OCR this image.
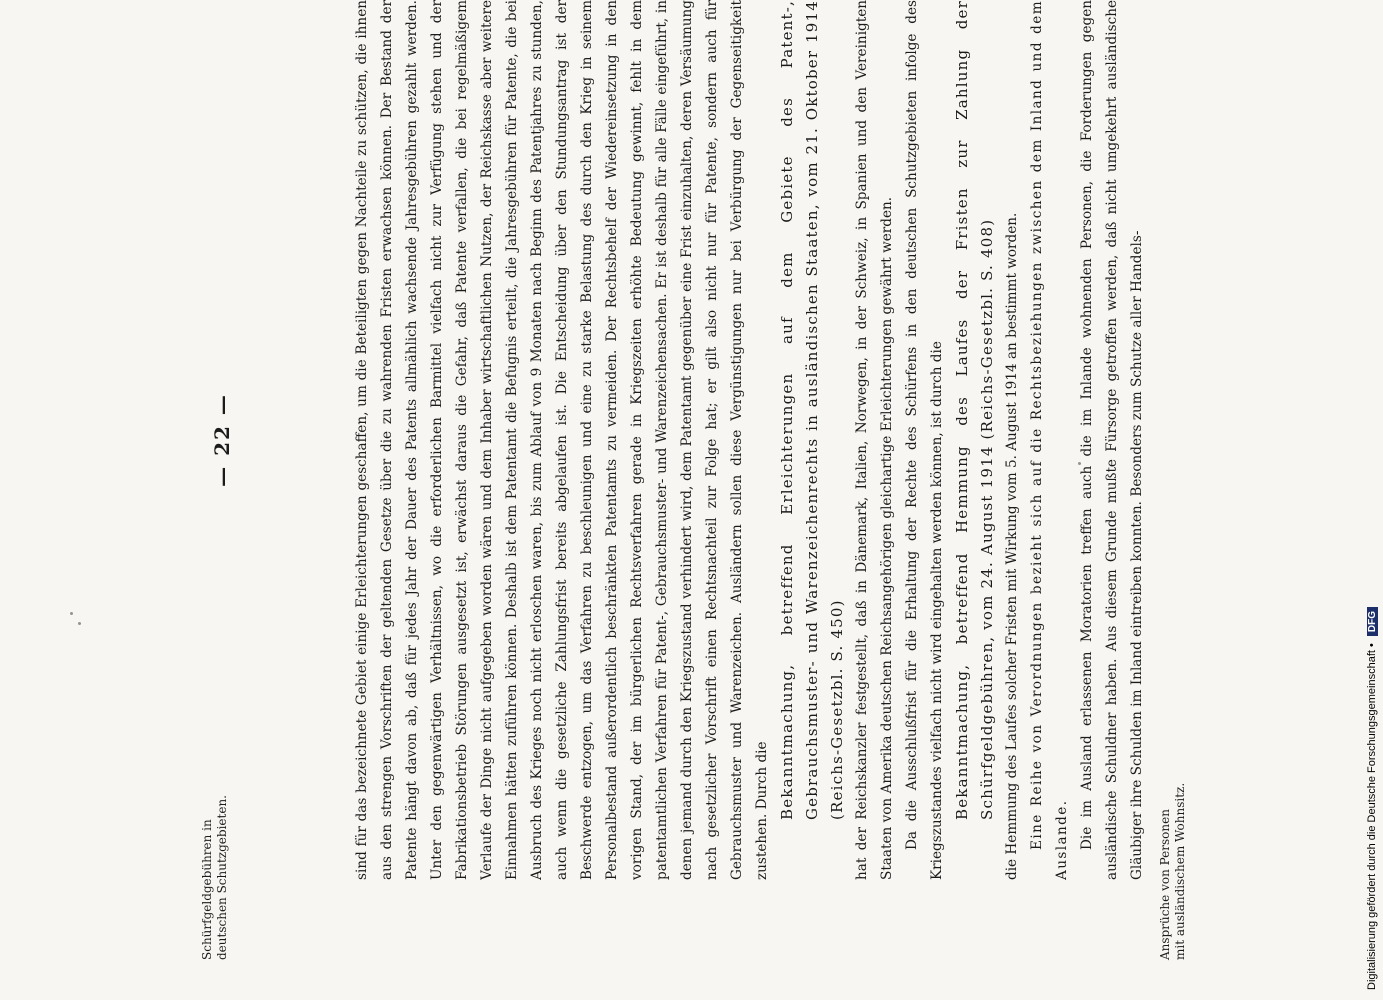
— 22 —	sind für das bezeichnete Gebiet einige Erleichterungen geschaffen, um die Beteiligten gegen Nachteile zu schützen, die ihnen aus den strengen Vorschriften der geltenden Gesetze über die zu wahrenden Fristen erwachsen können. Der Bestand der Patente hängt davon ab, daß für jedes Jahr der Dauer des Patents allmählich wachsende Jahresgebühren gezahlt werden. Unter den gegenwärtigen Verhältnissen, wo die erforderlichen Barmittel vielfach nicht zur Verfügung stehen und der Fabrikationsbetrieb Störungen ausgesetzt ist, erwächst daraus die Gefahr, daß Patente verfallen, die bei regelmäßigem Verlaufe der Dinge nicht aufgegeben worden wären und dem Inhaber wirtschaftlichen Nutzen, der Reichskasse aber weitere Einnahmen hätten zuführen können. Deshalb ist dem Patentamt die Befugnis erteilt, die Jahresgebühren für Patente, die bei Ausbruch des Krieges noch nicht erloschen waren, bis zum Ablauf von 9 Monaten nach Beginn des Patentjahres zu stunden, auch wenn die gesetzliche Zahlungsfrist bereits abgelaufen ist. Die Entscheidung über den Stundungsantrag ist der Beschwerde entzogen, um das Verfahren zu beschleunigen und eine zu starke Belastung des durch den Krieg in seinem Personalbestand außerordentlich beschränkten Patentamts zu vermeiden. Der Rechtsbehelf der Wiedereinsetzung in den vorigen Stand, der im bürgerlichen Rechtsverfahren gerade in Kriegszeiten erhöhte Bedeutung gewinnt, fehlt in dem patentamtlichen Verfahren für Patent-, Gebrauchsmuster- und Warenzeichensachen. Er ist deshalb für alle Fälle eingeführt, in denen jemand durch den Kriegszustand verhindert wird, dem Patentamt gegenüber eine Frist einzuhalten, deren Versäumung nach gesetzlicher Vorschrift einen Rechtsnachteil zur Folge hat; er gilt also nicht nur für Patente, sondern auch für Gebrauchsmuster und Warenzeichen. Ausländern sollen diese Vergünstigungen nur bei Verbürgung der Gegenseitigkeit zustehen. Durch die Bekanntmachung, betreffend Erleichterungen auf dem Gebiete des Patent-, Gebrauchsmuster- und Warenzeichenrechts in ausländischen Staaten, vom 21. Oktober 1914 (Reichs-Gesetzbl. S. 450) hat der Reichskanzler festgestellt, daß in Dänemark, Italien, Norwegen, in der Schweiz, in Spanien und den Vereinigten Staaten von Amerika deutschen Reichsangehörigen gleichartige Erleichterungen gewährt werden. Da die Ausschlußfrist für die Erhaltung der Rechte des Schürfens in den deutschen Schutzgebieten infolge des Kriegszustandes vielfach nicht wird eingehalten werden können, ist durch die Bekanntmachung, betreffend Hemmung des Laufes der Fristen zur Zahlung der Schürfgeldgebühren, vom 24. August 1914 (Reichs-Gesetzbl. S. 408) die Hemmung des Laufes solcher Fristen mit Wirkung vom 5. August 1914 an bestimmt worden. Eine Reihe von Verordnungen bezieht sich auf die Rechtsbeziehungen zwischen dem Inland und dem Auslande. Die im Ausland erlassenen Moratorien treffen auch die im Inlande wohnenden Personen, die Forderungen gegen ausländische Schuldner haben. Aus diesem Grunde mußte Fürsorge getroffen werden, daß nicht umgekehrt ausländische Gläubiger ihre Schulden im Inland eintreiben konnten. Besonders zum Schutze aller Handels-

Schürfgeldgebühren in deutschen Schutzgebieten.	Ansprüche von Personen mit ausländischem Wohnsitz.	Digitalisierung gefördert durch die Deutsche Forschungsgemeinschaft • DFG
